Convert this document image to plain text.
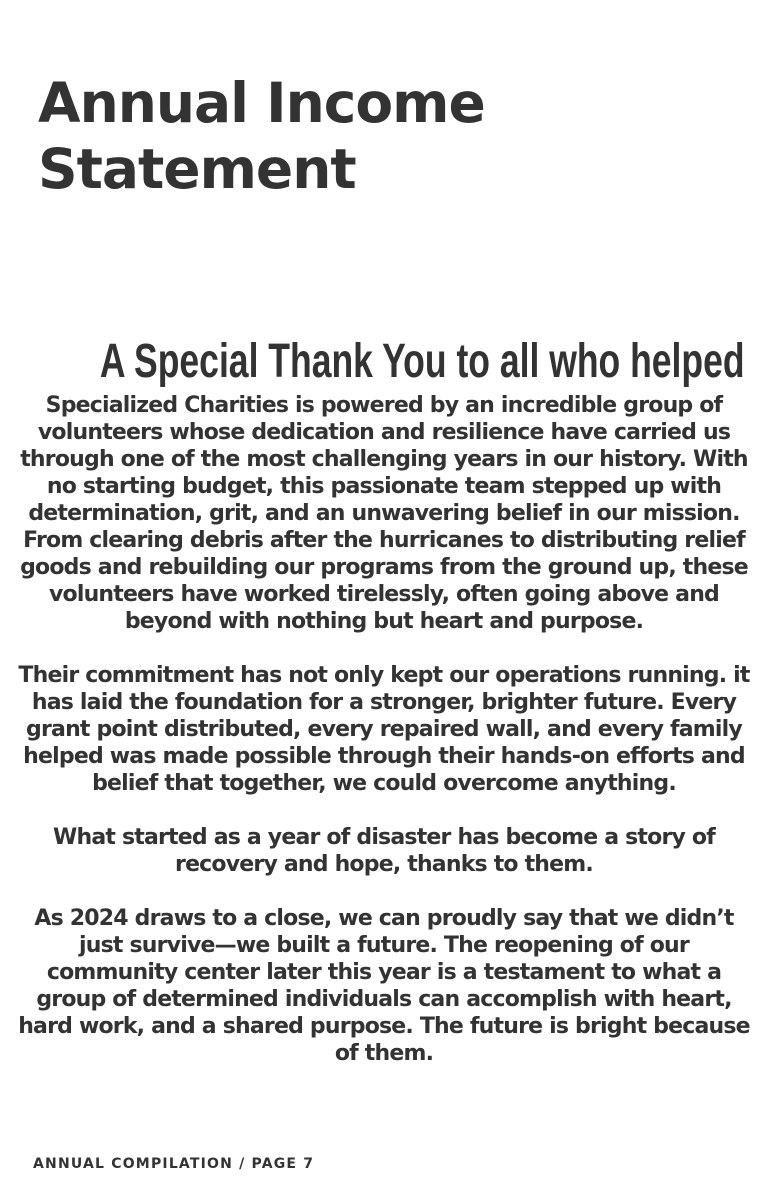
Annual Income
Statement
A Special Thank You to all who helped

Specialized Charities is powered by an incredible group of volunteers whose dedication and resilience have carried us through one of the most challenging years in our history. With no starting budget, this passionate team stepped up with determination, grit, and an unwavering belief in our mission. From clearing debris after the hurricanes to distributing relief goods and rebuilding our programs from the ground up, these volunteers have worked tirelessly, often going above and beyond with nothing but heart and purpose.

Their commitment has not only kept our operations running. it has laid the foundation for a stronger, brighter future. Every grant point distributed, every repaired wall, and every family helped was made possible through their hands-on efforts and belief that together, we could overcome anything.

What started as a year of disaster has become a story of recovery and hope, thanks to them.

As 2024 draws to a close, we can proudly say that we didn’t just survive—we built a future. The reopening of our community center later this year is a testament to what a group of determined individuals can accomplish with heart, hard work, and a shared purpose. The future is bright because of them.

ANNUAL COMPILATION / PAGE 7
